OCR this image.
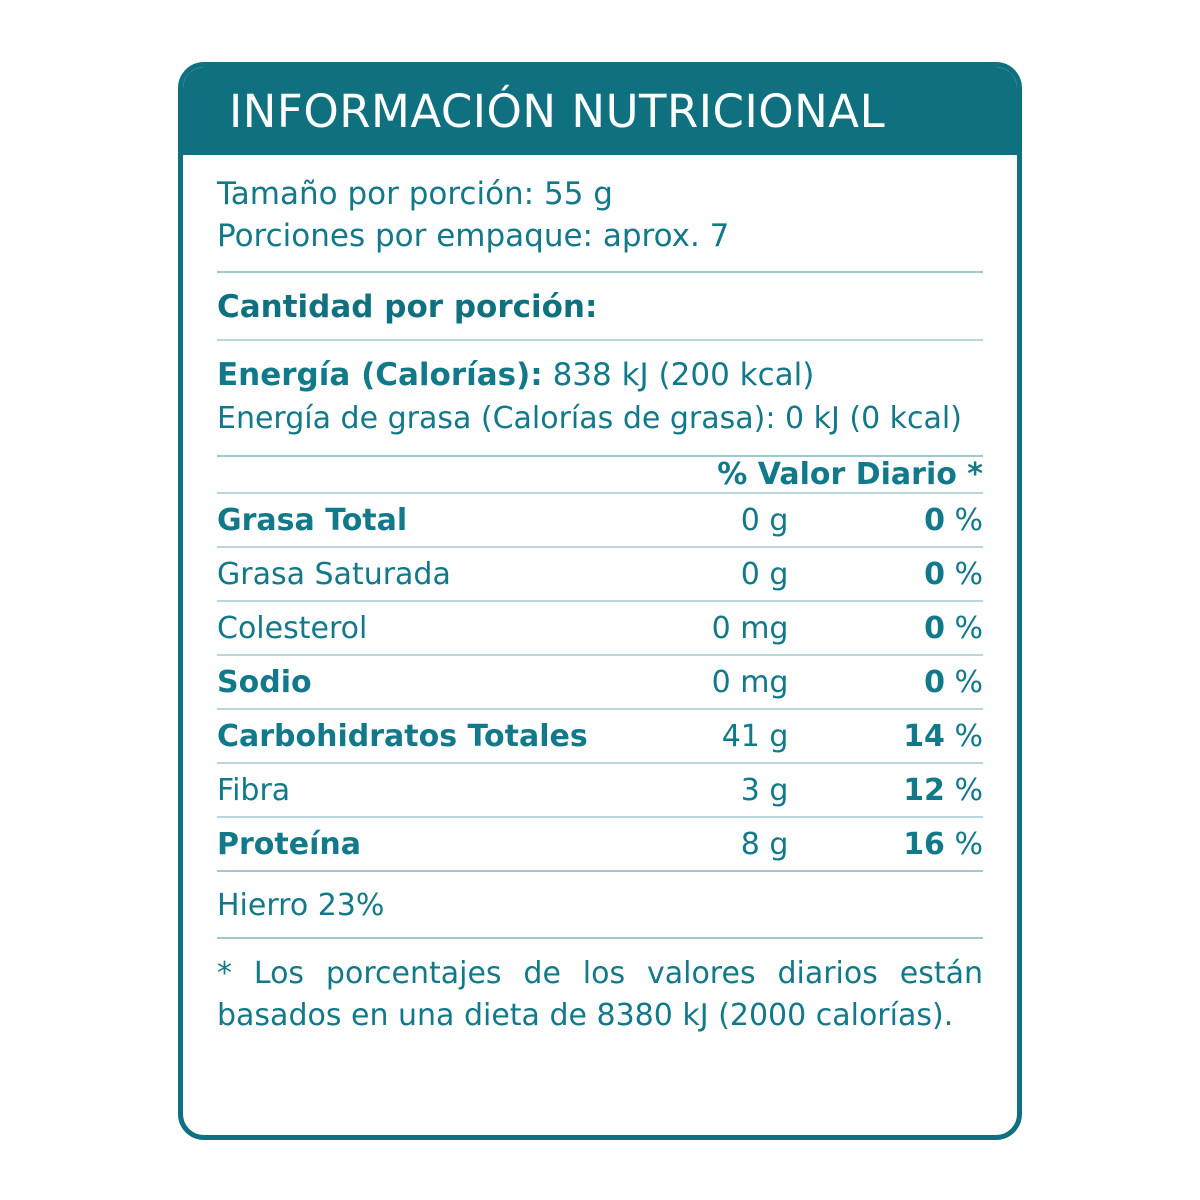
INFORMACIÓN NUTRICIONAL
Tamaño por porción: 55 g
Porciones por empaque: aprox. 7
Cantidad por porción:
Energía (Calorías): 838 kJ (200 kcal)
Energía de grasa (Calorías de grasa): 0 kJ (0 kcal)
	% Valor Diario *	
Grasa Total	0 g	0 %
Grasa Saturada	0 g	0 %
Colesterol	0 mg	0 %
Sodio	0 mg	0 %
Carbohidratos Totales	41 g	14 %
Fibra	3 g	12 %
Proteína	8 g	16 %
Hierro 23%
* Los porcentajes de los valores diarios están basados en una dieta de 8380 kJ (2000 calorías).
